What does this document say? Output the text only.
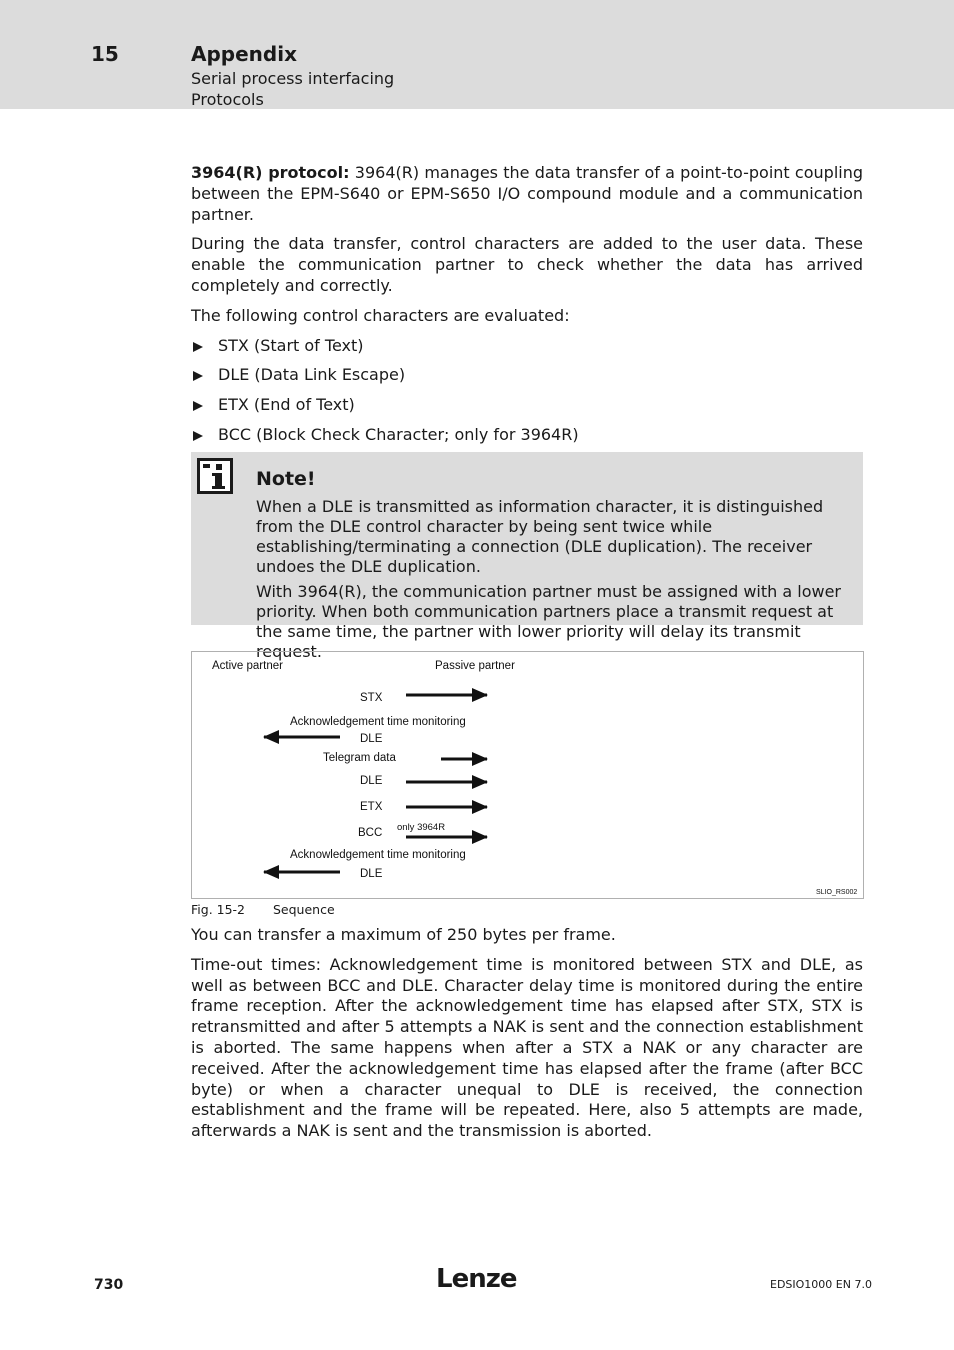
15	Appendix
Serial process interfacing
Protocols

3964(R) protocol: 3964(R) manages the data transfer of a point-to-point coupling between the EPM-S640 or EPM-S650 I/O compound module and a communication partner.

During the data transfer, control characters are added to the user data. These enable the communication partner to check whether the data has arrived completely and correctly.

The following control characters are evaluated:

STX (Start of Text)
DLE (Data Link Escape)
ETX (End of Text)
BCC (Block Check Character; only for 3964R)
Note!

When a DLE is transmitted as information character, it is distinguished from the DLE control character by being sent twice while establishing/terminating a connection (DLE duplication). The receiver undoes the DLE duplication.

With 3964(R), the communication partner must be assigned with a lower priority. When both communication partners place a transmit request at the same time, the partner with lower priority will delay its transmit request.

Active partner	Passive partner
STX
Acknowledgement time monitoring
DLE
Telegram data
DLE
ETX
only 3964R
BCC
Acknowledgement time monitoring
DLE
SLIO_RS002
Fig. 15-2 Sequence

You can transfer a maximum of 250 bytes per frame.

Time-out times: Acknowledgement time is monitored between STX and DLE, as well as between BCC and DLE. Character delay time is monitored during the entire frame reception. After the acknowledgement time has elapsed after STX, STX is retransmitted and after 5 attempts a NAK is sent and the connection establishment is aborted. The same happens when after a STX a NAK or any character are received. After the acknowledgement time has elapsed after the frame (after BCC byte) or when a character unequal to DLE is received, the connection establishment and the frame will be repeated. Here, also 5 attempts are made, afterwards a NAK is sent and the transmission is aborted.

730	Lenze	EDSIO1000 EN 7.0
